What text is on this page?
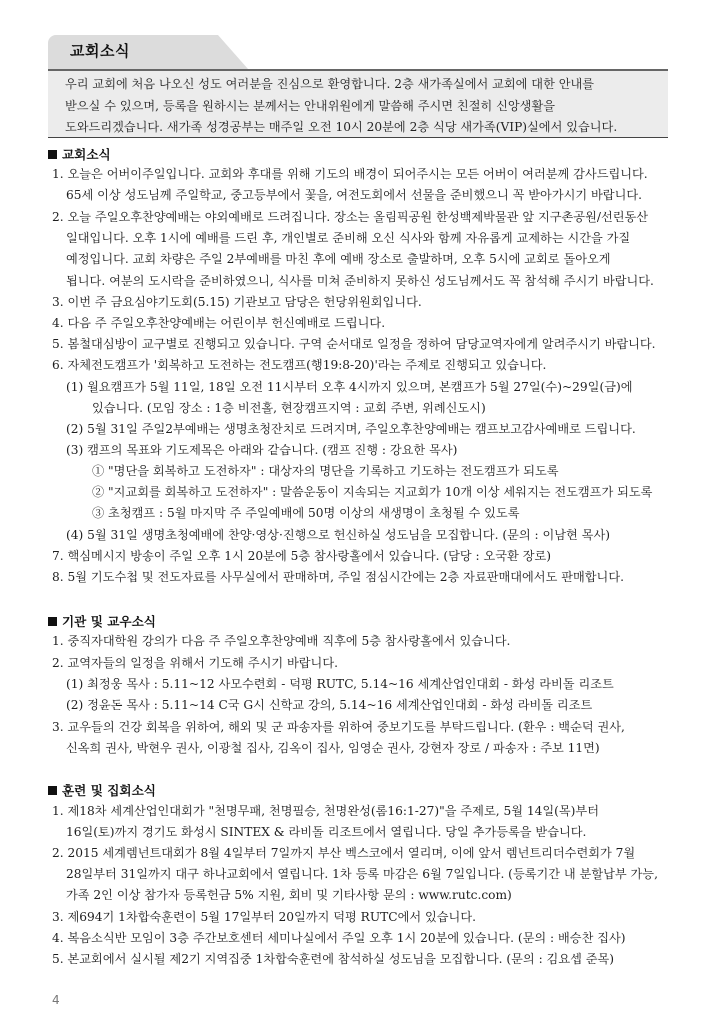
교회소식
우리 교회에 처음 나오신 성도 여러분을 진심으로 환영합니다. 2층 새가족실에서 교회에 대한 안내를
받으실 수 있으며, 등록을 원하시는 분께서는 안내위원에게 말씀해 주시면 친절히 신앙생활을
도와드리겠습니다. 새가족 성경공부는 매주일 오전 10시 20분에 2층 식당 새가족(VIP)실에서 있습니다.
교회소식
1. 오늘은 어버이주일입니다. 교회와 후대를 위해 기도의 배경이 되어주시는 모든 어버이 여러분께 감사드립니다.
65세 이상 성도님께 주일학교, 중고등부에서 꽃을, 여전도회에서 선물을 준비했으니 꼭 받아가시기 바랍니다.
2. 오늘 주일오후찬양예배는 야외예배로 드려집니다. 장소는 올림픽공원 한성백제박물관 앞 지구촌공원/선린동산
일대입니다. 오후 1시에 예배를 드린 후, 개인별로 준비해 오신 식사와 함께 자유롭게 교제하는 시간을 가질
예정입니다. 교회 차량은 주일 2부예배를 마친 후에 예배 장소로 출발하며, 오후 5시에 교회로 돌아오게
됩니다. 여분의 도시락을 준비하였으니, 식사를 미쳐 준비하지 못하신 성도님께서도 꼭 참석해 주시기 바랍니다.
3. 이번 주 금요심야기도회(5.15) 기관보고 담당은 헌당위원회입니다.
4. 다음 주 주일오후찬양예배는 어린이부 헌신예배로 드립니다.
5. 봄철대심방이 교구별로 진행되고 있습니다. 구역 순서대로 일정을 정하여 담당교역자에게 알려주시기 바랍니다.
6. 자체전도캠프가 '회복하고 도전하는 전도캠프(행19:8-20)'라는 주제로 진행되고 있습니다.
(1) 월요캠프가 5월 11일, 18일 오전 11시부터 오후 4시까지 있으며, 본캠프가 5월 27일(수)~29일(금)에
있습니다. (모임 장소 : 1층 비전홀, 현장캠프지역 : 교회 주변, 위례신도시)
(2) 5월 31일 주일2부예배는 생명초청잔치로 드려지며, 주일오후찬양예배는 캠프보고감사예배로 드립니다.
(3) 캠프의 목표와 기도제목은 아래와 같습니다. (캠프 진행 : 강요한 목사)
① "명단을 회복하고 도전하자" : 대상자의 명단을 기록하고 기도하는 전도캠프가 되도록
② "지교회를 회복하고 도전하자" : 말씀운동이 지속되는 지교회가 10개 이상 세워지는 전도캠프가 되도록
③ 초청캠프 : 5월 마지막 주 주일예배에 50명 이상의 새생명이 초청될 수 있도록
(4) 5월 31일 생명초청예배에 찬양·영상·진행으로 헌신하실 성도님을 모집합니다. (문의 : 이남현 목사)
7. 핵심메시지 방송이 주일 오후 1시 20분에 5층 참사랑홀에서 있습니다. (담당 : 오국환 장로)
8. 5월 기도수첩 및 전도자료를 사무실에서 판매하며, 주일 점심시간에는 2층 자료판매대에서도 판매합니다.
기관 및 교우소식
1. 중직자대학원 강의가 다음 주 주일오후찬양예배 직후에 5층 참사랑홀에서 있습니다.
2. 교역자들의 일정을 위해서 기도해 주시기 바랍니다.
(1) 최정웅 목사 : 5.11~12 사모수련회 - 덕평 RUTC, 5.14~16 세계산업인대회 - 화성 라비돌 리조트
(2) 정윤돈 목사 : 5.11~14 C국 G시 신학교 강의, 5.14~16 세계산업인대회 - 화성 라비돌 리조트
3. 교우들의 건강 회복을 위하여, 해외 및 군 파송자를 위하여 중보기도를 부탁드립니다. (환우 : 백순덕 권사,
신옥희 권사, 박현우 권사, 이광철 집사, 김옥이 집사, 임영순 권사, 강현자 장로 / 파송자 : 주보 11면)
훈련 및 집회소식
1. 제18차 세계산업인대회가 "천명무패, 천명필승, 천명완성(롬16:1-27)"을 주제로, 5월 14일(목)부터
16일(토)까지 경기도 화성시 SINTEX & 라비돌 리조트에서 열립니다. 당일 추가등록을 받습니다.
2. 2015 세계렘넌트대회가 8월 4일부터 7일까지 부산 벡스코에서 열리며, 이에 앞서 렘넌트리더수련회가 7월
28일부터 31일까지 대구 하나교회에서 열립니다. 1차 등록 마감은 6월 7일입니다. (등록기간 내 분할납부 가능,
가족 2인 이상 참가자 등록헌금 5% 지원, 회비 및 기타사항 문의 : www.rutc.com)
3. 제694기 1차합숙훈련이 5월 17일부터 20일까지 덕평 RUTC에서 있습니다.
4. 복음소식반 모임이 3층 주간보호센터 세미나실에서 주일 오후 1시 20분에 있습니다. (문의 : 배승찬 집사)
5. 본교회에서 실시될 제2기 지역집중 1차합숙훈련에 참석하실 성도님을 모집합니다. (문의 : 김요셉 준목)
4
